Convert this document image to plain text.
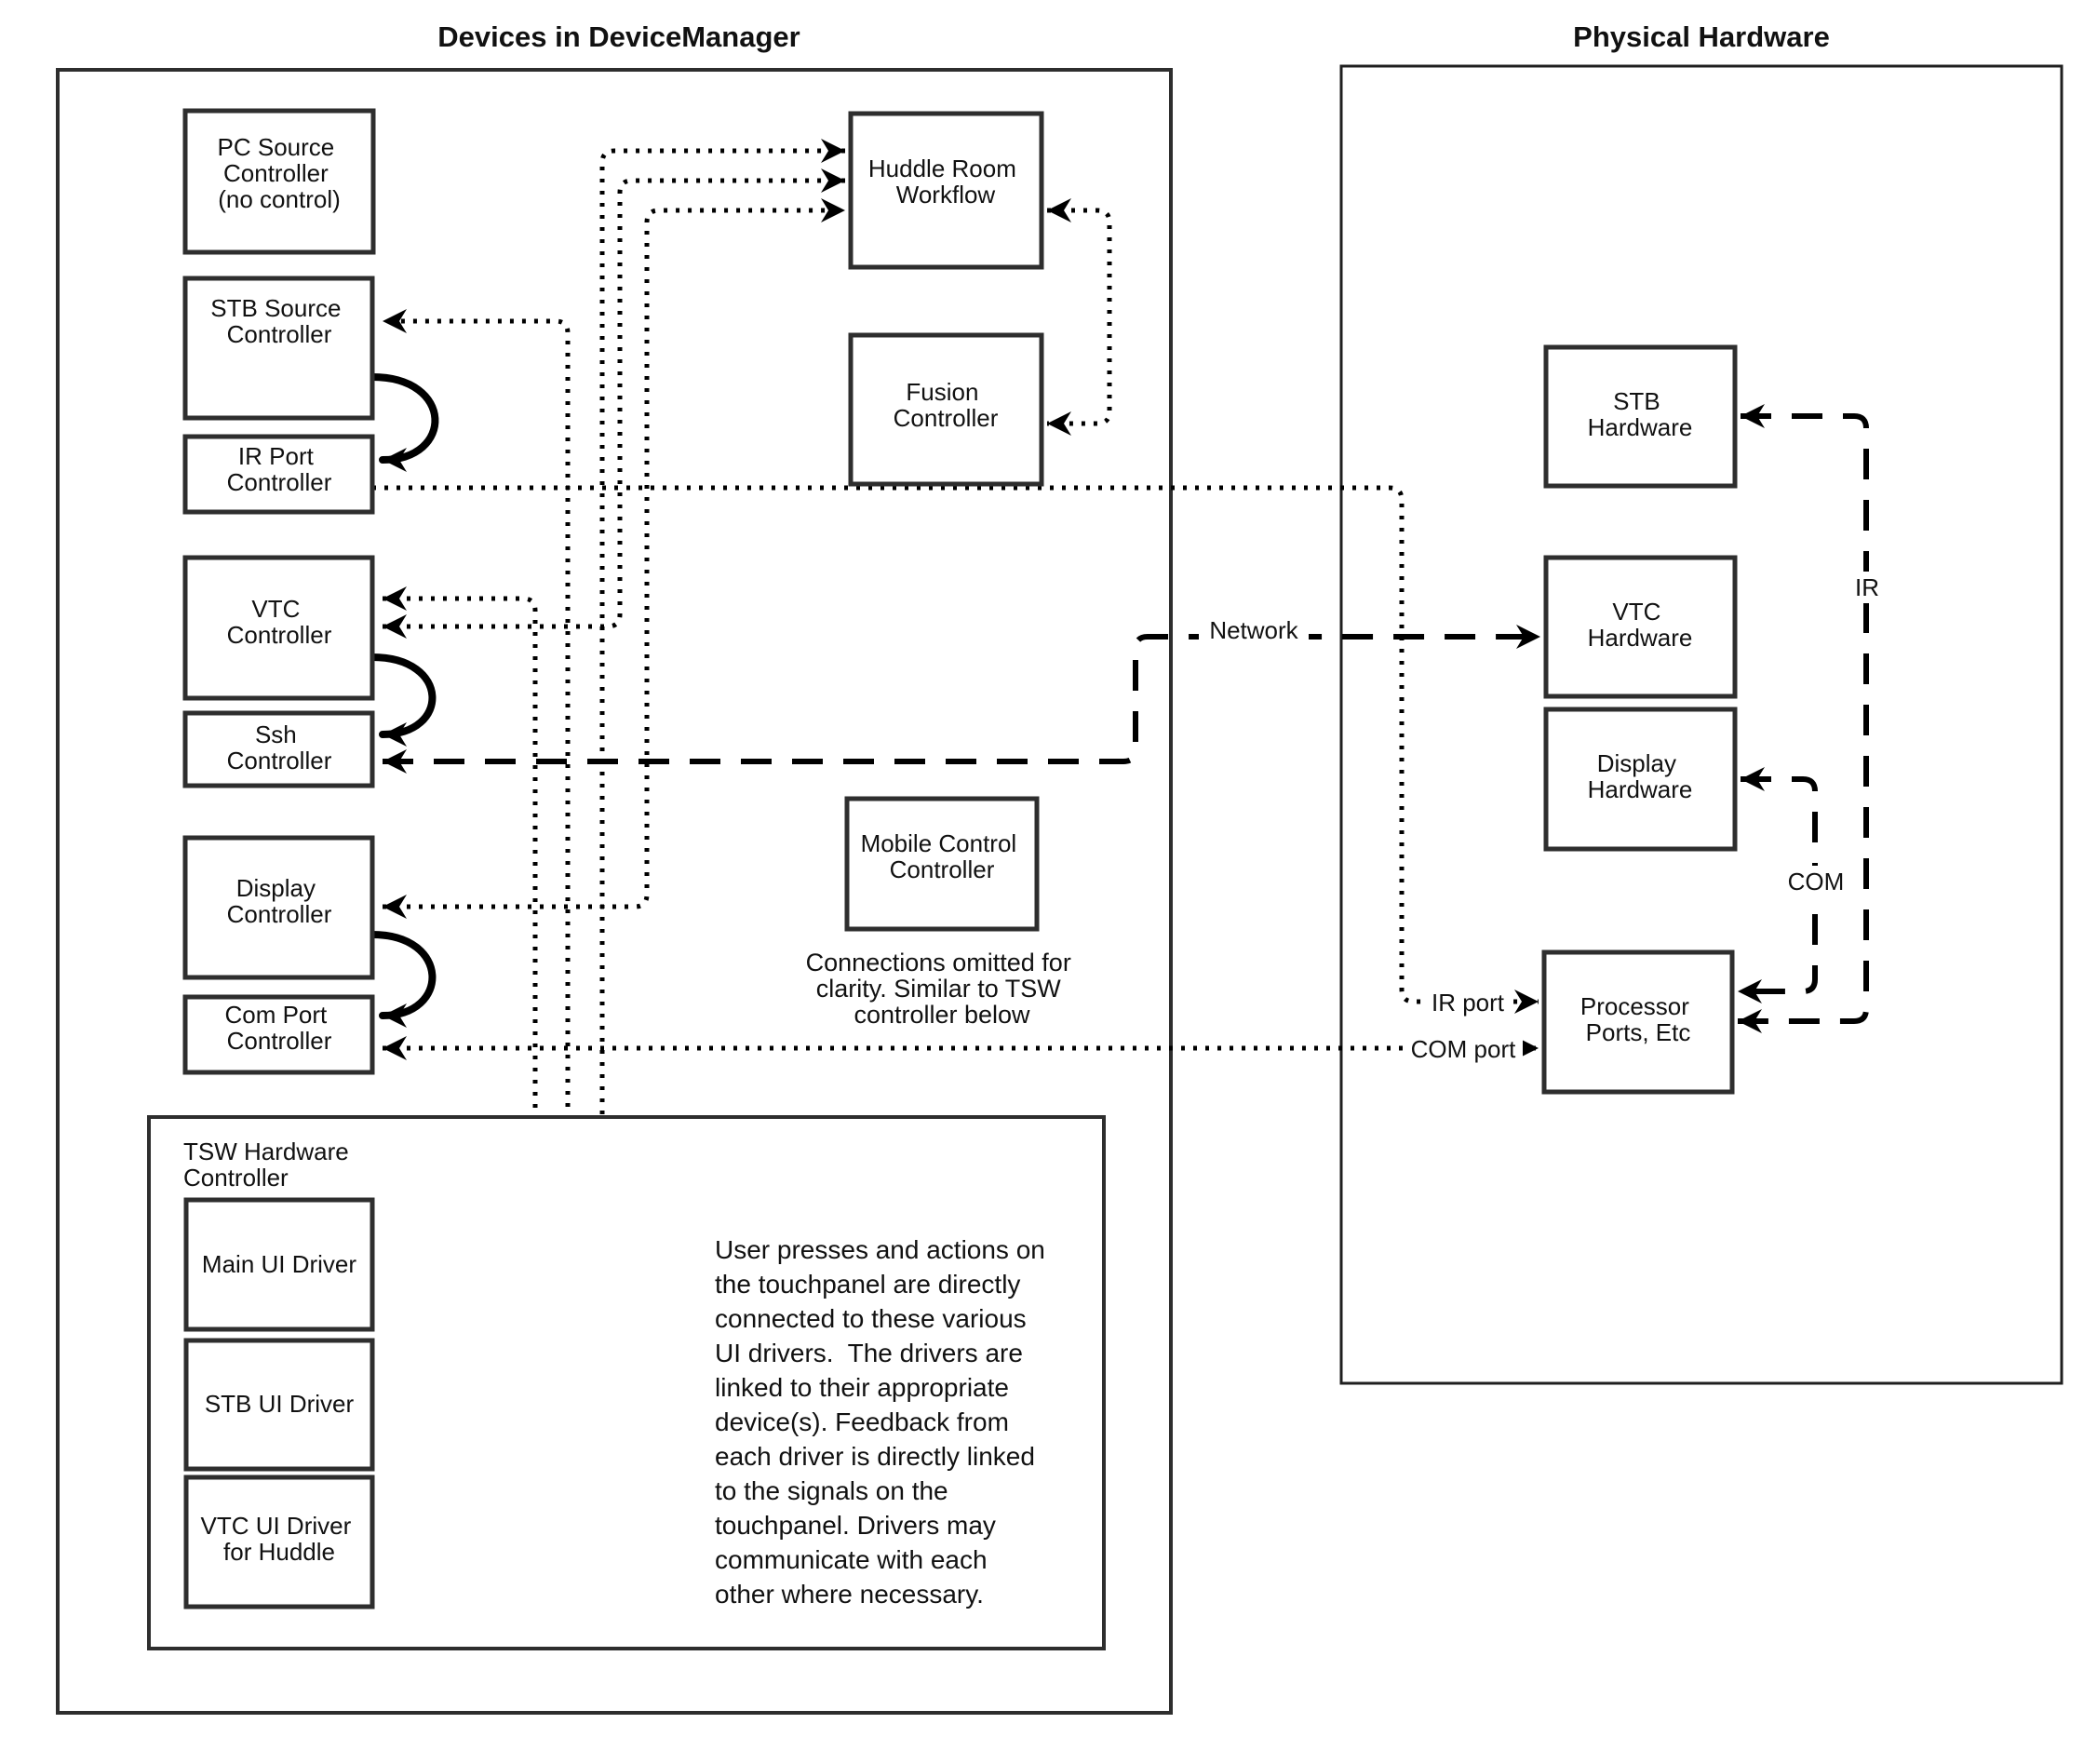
Devices in DeviceManager	Physical Hardware
Network
IR
COM
IR port
COM port
PC Source Controller (no control)
STB Source Controller
IR Port Controller
VTC Controller
Ssh Controller
Display Controller
Com Port Controller
Huddle Room Workflow
Fusion Controller
Mobile Control Controller
Connections omitted for clarity. Similar to TSW controller below
TSW Hardware Controller
Main UI Driver
STB UI Driver
VTC UI Driver for Huddle
User presses and actions on the touchpanel are directly connected to these various UI drivers.  The drivers are linked to their appropriate device(s). Feedback from each driver is directly linked to the signals on the touchpanel. Drivers may communicate with each other where necessary.
STB Hardware
VTC Hardware
Display Hardware
Processor Ports, Etc
